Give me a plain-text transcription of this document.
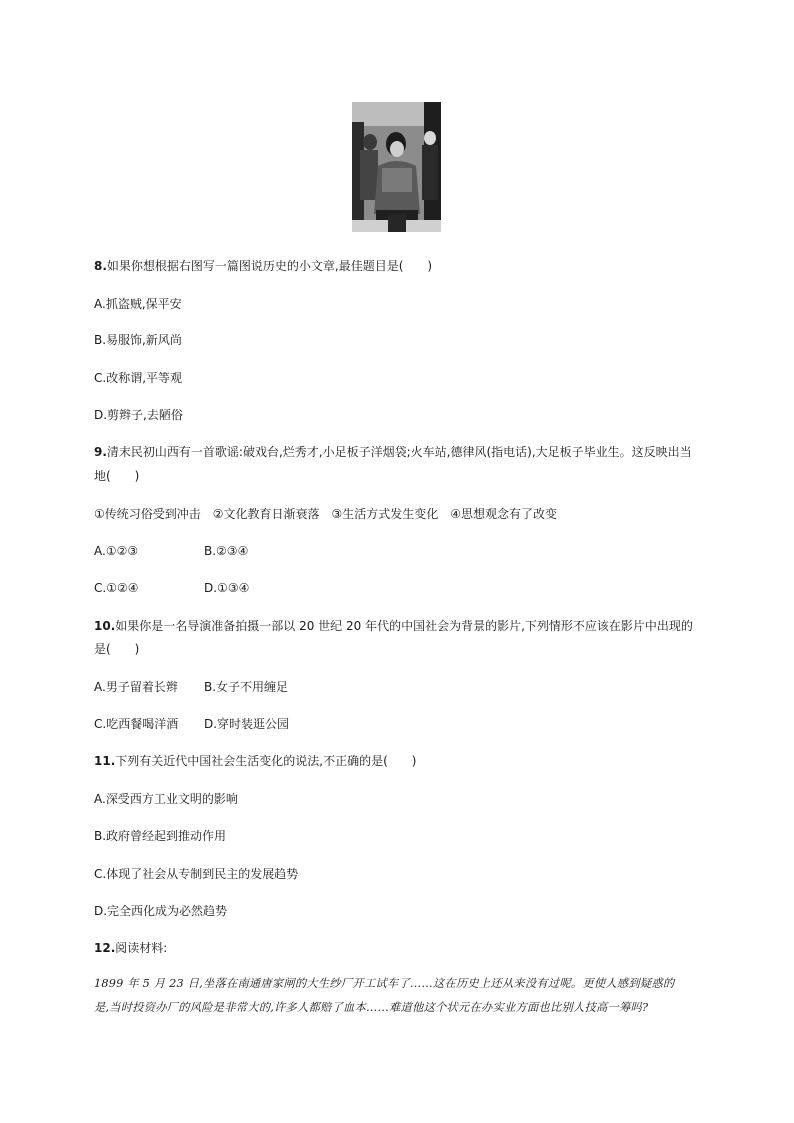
8.如果你想根据右图写一篇图说历史的小文章,最佳题目是(　　)

A.抓盗贼,保平安

B.易服饰,新风尚

C.改称谓,平等观

D.剪辫子,去陋俗

9.清末民初山西有一首歌谣:破戏台,烂秀才,小足板子洋烟袋;火车站,德律风(指电话),大足板子毕业生。这反映出当

地(　　)

①传统习俗受到冲击　②文化教育日渐衰落　③生活方式发生变化　④思想观念有了改变

A.①②③	B.②③④

C.①②④	D.①③④

10.如果你是一名导演准备拍摄一部以 20 世纪 20 年代的中国社会为背景的影片,下列情形不应该在影片中出现的

是(　　)

A.男子留着长辫 B.女子不用缠足

C.吃西餐喝洋酒 D.穿时装逛公园

11.下列有关近代中国社会生活变化的说法,不正确的是(　　)

A.深受西方工业文明的影响

B.政府曾经起到推动作用

C.体现了社会从专制到民主的发展趋势

D.完全西化成为必然趋势

12.阅读材料:

1899 年 5 月 23 日,坐落在南通唐家闸的大生纱厂开工试车了……这在历史上还从来没有过呢。更使人感到疑惑的

是,当时投资办厂的风险是非常大的,许多人都赔了血本……难道他这个状元在办实业方面也比别人技高一筹吗?
